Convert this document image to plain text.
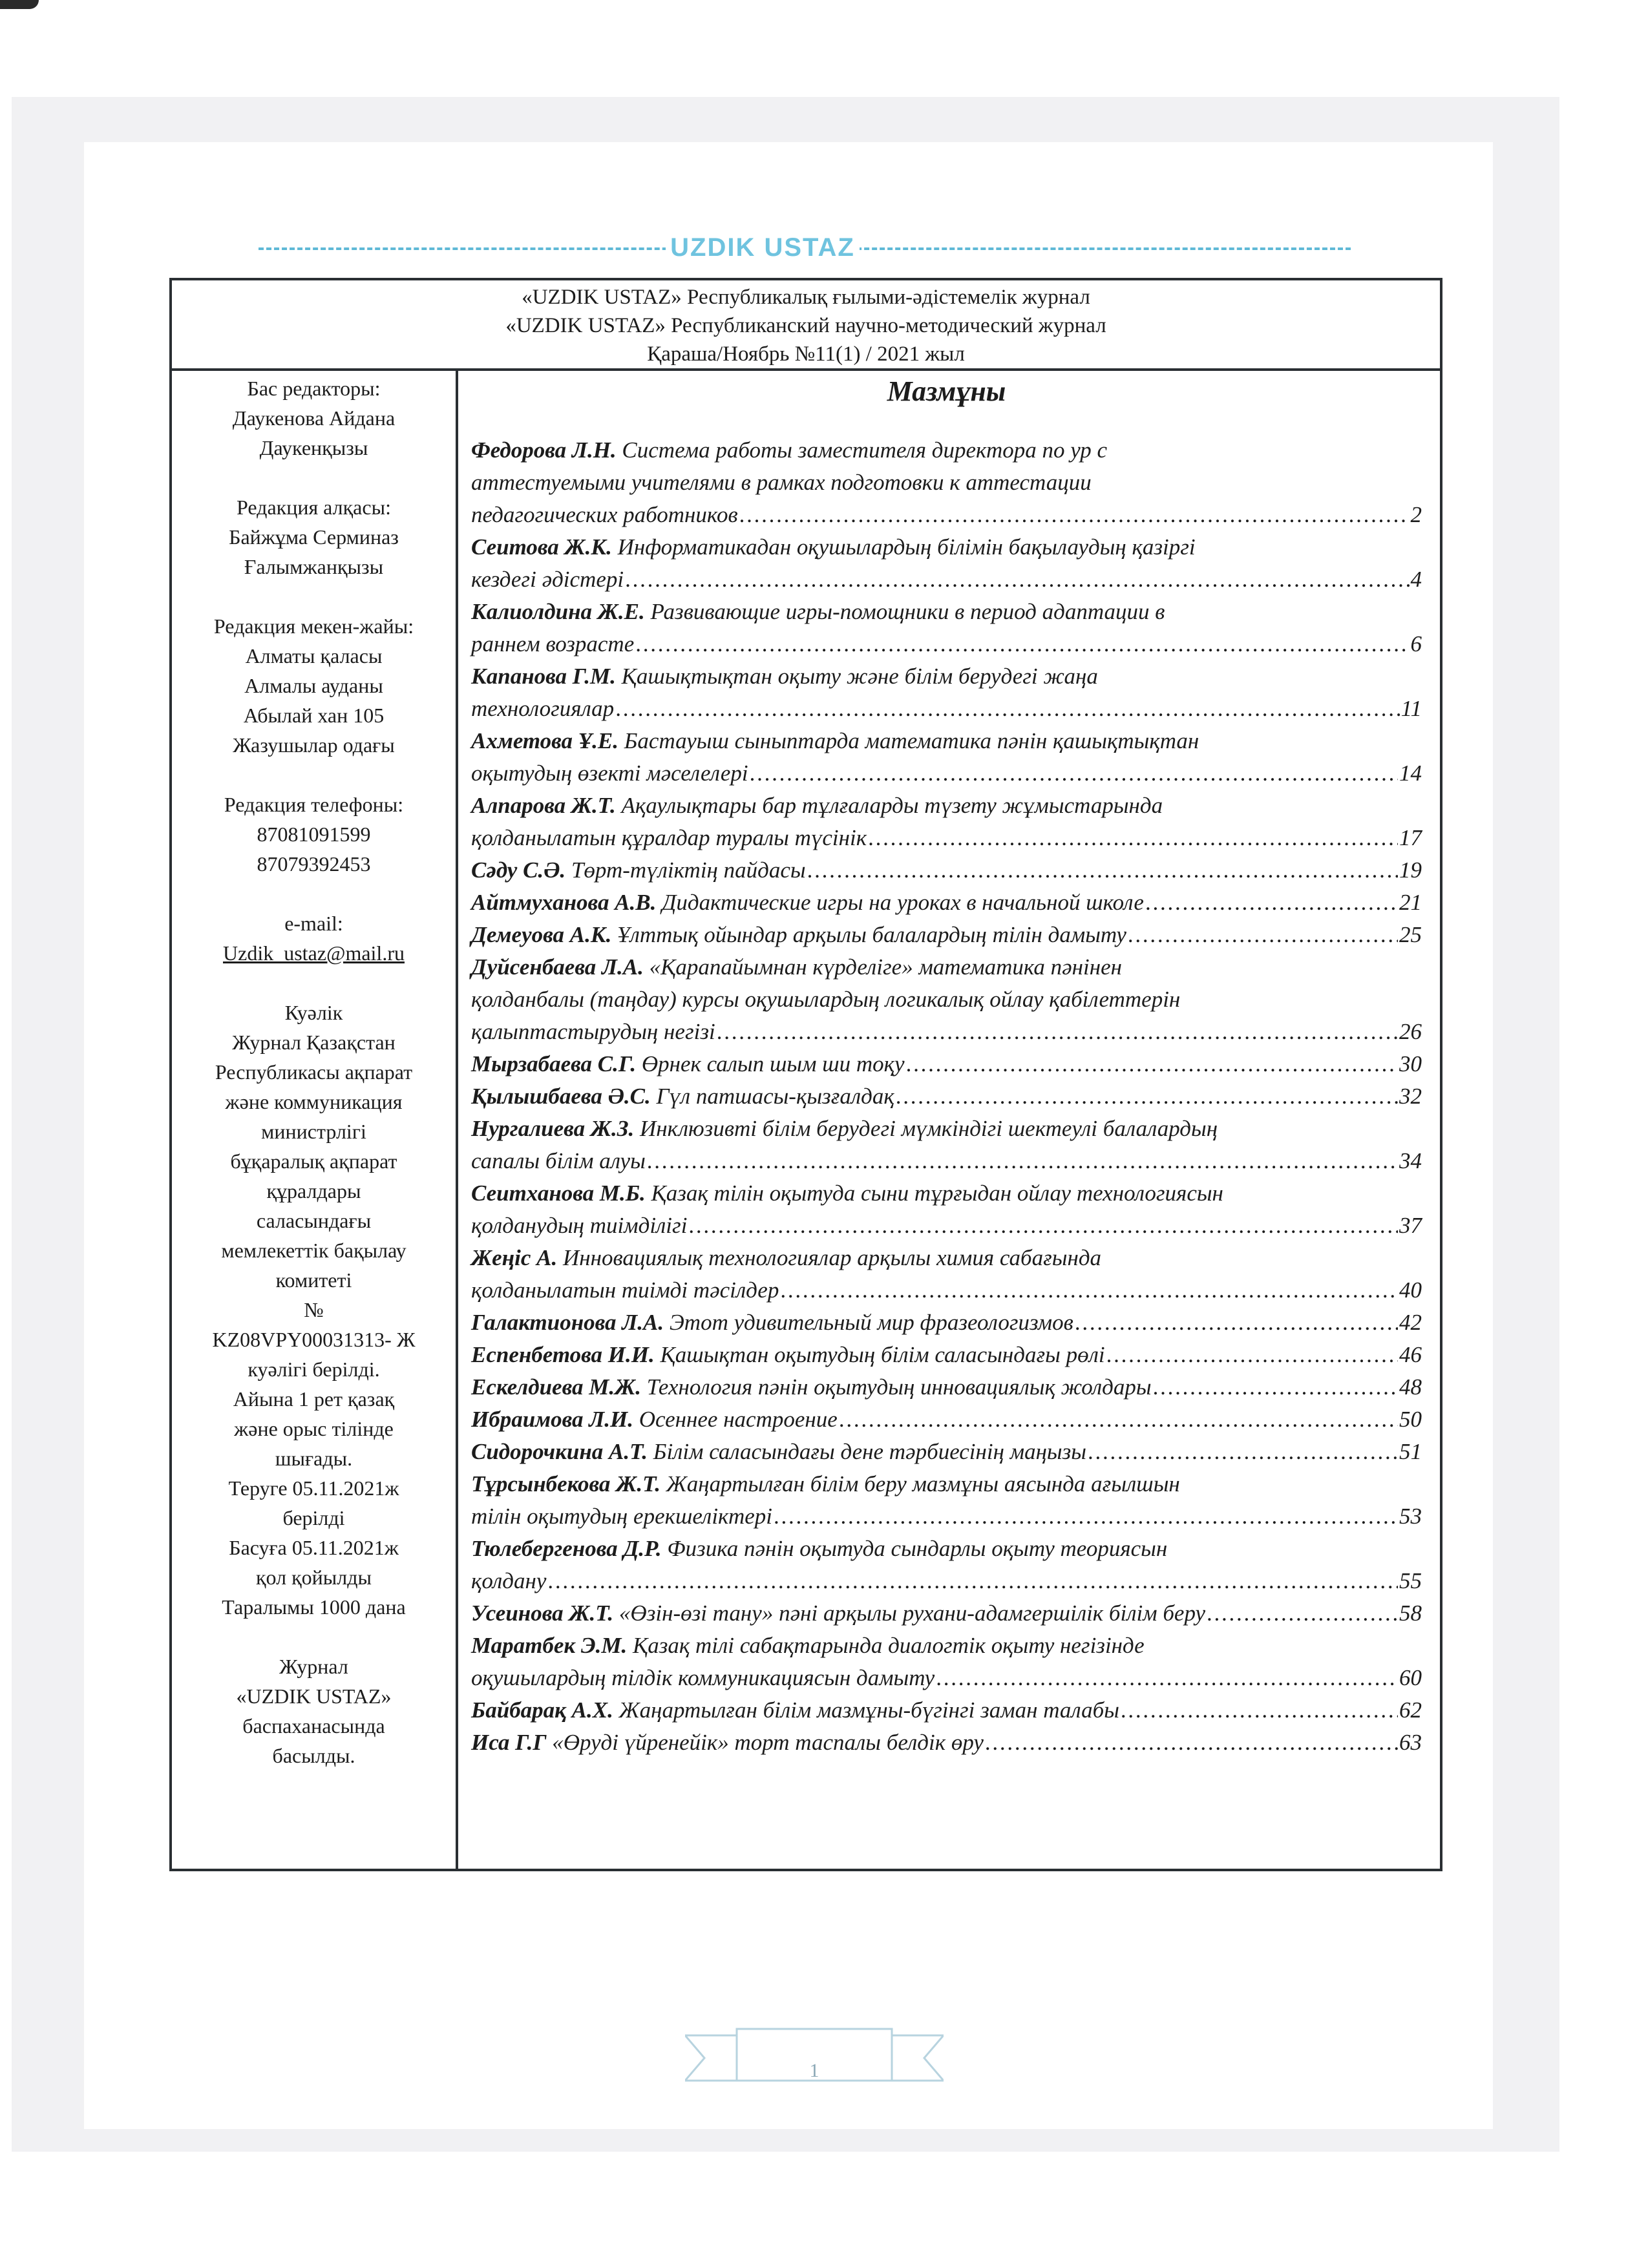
UZDIK USTAZ
«UZDIK USTAZ» Республикалық ғылыми-әдістемелік журнал
«UZDIK USTAZ» Республиканский научно-методический журнал
Қараша/Ноябрь №11(1) / 2021 жыл
Бас редакторы:
Даукенова Айдана
Даукенқызы
Редакция алқасы:
Байжұма Серминаз
Ғалымжанқызы
Редакция мекен-жайы:
Алматы қаласы
Алмалы ауданы
Абылай хан 105
Жазушылар одағы
Редакция телефоны:
87081091599
87079392453
e-mail:
Uzdik_ustaz@mail.ru
Куәлік
Журнал Қазақстан
Республикасы ақпарат
және коммуникация
министрлігі
бұқаралық ақпарат
құралдары
саласындағы
мемлекеттік бақылау
комитеті
№
KZ08VPY00031313- Ж
куәлігі берілді.
Айына 1 рет қазақ
және орыс тілінде
шығады.
Теруге 05.11.2021ж
берілді
Басуға 05.11.2021ж
қол қойылды
Таралымы 1000 дана
Журнал
«UZDIK USTAZ»
баспаханасында
басылды.
Мазмұны
Федорова Л.Н. Система работы заместителя директора по ур с
аттестуемыми учителями в рамках подготовки к аттестации
педагогических работников . . .	2
Сеитова Ж.К. Информатикадан оқушылардың білімін бақылаудың қазіргі
кездегі әдістері . . .	4
Калиолдина Ж.Е. Развивающие игры-помощники в период адаптации в
раннем возрасте . . .	6
Капанова Г.М. Қашықтықтан оқыту және білім берудегі жаңа
технологиялар . . .	11
Ахметова Ұ.Е. Бастауыш сыныптарда математика пәнін қашықтықтан
оқытудың өзекті мәселелері . . .	14
Алпарова Ж.Т. Ақаулықтары бар тұлғаларды түзету жұмыстарында
қолданылатын құралдар туралы түсінік . . .	17
Сәду С.Ә. Төрт-түліктің пайдасы . . .	19
Айтмуханова А.В. Дидактические игры на уроках в начальной школе . . .	21
Демеуова А.К. Ұлттық ойындар арқылы балалардың тілін дамыту . . .	25
Дуйсенбаева Л.А. «Қарапайымнан күрделіге» математика пәнінен
қолданбалы (таңдау) курсы оқушылардың логикалық ойлау қабілеттерін
қалыптастырудың негізі . . .	26
Мырзабаева С.Г. Өрнек салып шым ши тоқу . . .	30
Қылышбаева Ә.С. Гүл патшасы-қызғалдақ . . .	32
Нургалиева Ж.З. Инклюзивті білім берудегі мүмкіндігі шектеулі балалардың
сапалы білім алуы . . .	34
Сеитханова М.Б. Қазақ тілін оқытуда сыни тұрғыдан ойлау технологиясын
қолданудың тиімділігі . . .	37
Жеңіс А. Инновациялық технологиялар арқылы химия сабағында
қолданылатын тиімді тәсілдер . . .	40
Галактионова Л.А. Этот удивительный мир фразеологизмов . . .	42
Еспенбетова И.И. Қашықтан оқытудың білім саласындағы рөлі . . .	46
Ескелдиева М.Ж. Технология пәнін оқытудың инновациялық жолдары . . .	48
Ибраимова Л.И. Осеннее настроение . . .	50
Сидорочкина А.Т. Білім саласындағы дене тәрбиесінің маңызы . . .	51
Тұрсынбекова Ж.Т. Жаңартылған білім беру мазмұны аясында ағылшын
тілін оқытудың ерекшеліктері . . .	53
Тюлебергенова Д.Р. Физика пәнін оқытуда сындарлы оқыту теориясын
қолдану . . .	55
Усеинова Ж.Т. «Өзін-өзі тану» пәні арқылы рухани-адамгершілік білім беру . . .	58
Маратбек Э.М. Қазақ тілі сабақтарында диалогтік оқыту негізінде
оқушылардың тілдік коммуникациясын дамыту . . .	60
Байбарақ А.Х. Жаңартылған білім мазмұны-бүгінгі заман талабы . . .	62
Иса Г.Г «Өруді үйренейік» торт таспалы белдік өру . . .	63
1
